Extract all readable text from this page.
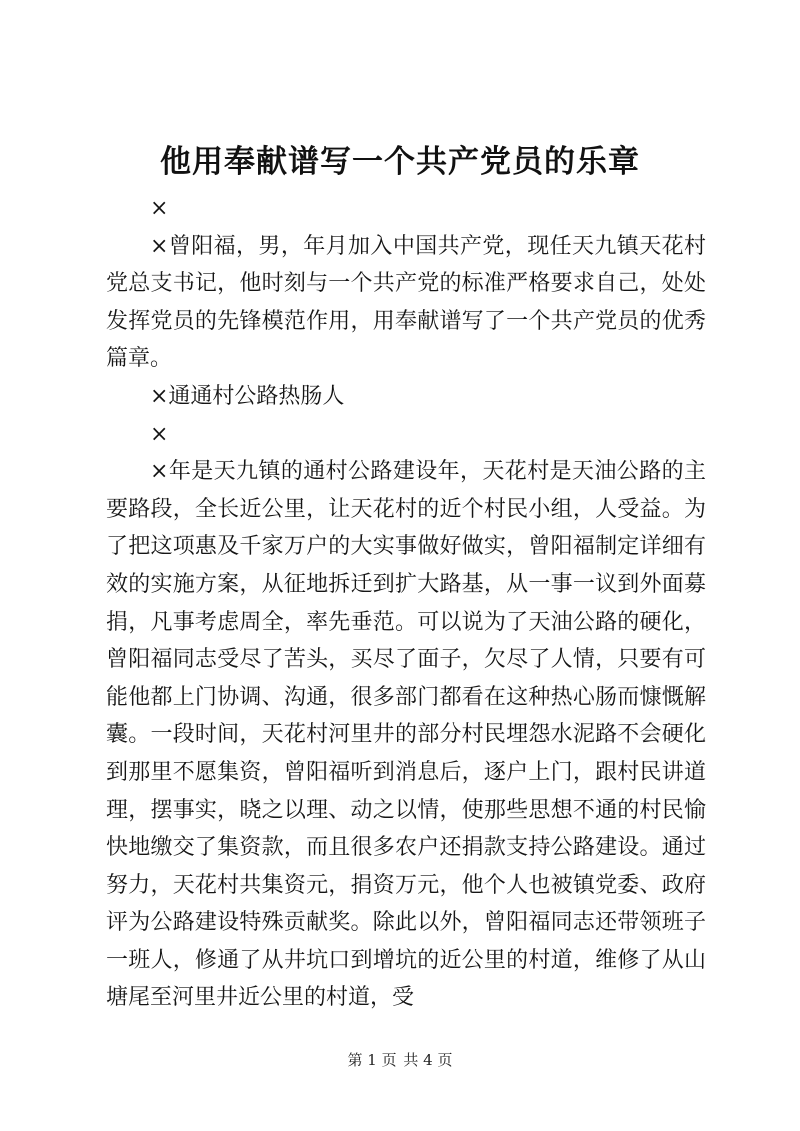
他用奉献谱写一个共产党员的乐章

×

×曾阳福，男，年月加入中国共产党，现任天九镇天花村党总支书记，他时刻与一个共产党的标准严格要求自己，处处发挥党员的先锋模范作用，用奉献谱写了一个共产党员的优秀篇章。

×通通村公路热肠人

×

×年是天九镇的通村公路建设年，天花村是天油公路的主要路段，全长近公里，让天花村的近个村民小组，人受益。为了把这项惠及千家万户的大实事做好做实，曾阳福制定详细有效的实施方案，从征地拆迁到扩大路基，从一事一议到外面募捐，凡事考虑周全，率先垂范。可以说为了天油公路的硬化，曾阳福同志受尽了苦头，买尽了面子，欠尽了人情，只要有可能他都上门协调、沟通，很多部门都看在这种热心肠而慷慨解囊。一段时间，天花村河里井的部分村民埋怨水泥路不会硬化到那里不愿集资，曾阳福听到消息后，逐户上门，跟村民讲道理，摆事实，晓之以理、动之以情，使那些思想不通的村民愉快地缴交了集资款，而且很多农户还捐款支持公路建设。通过努力，天花村共集资元，捐资万元，他个人也被镇党委、政府评为公路建设特殊贡献奖。除此以外，曾阳福同志还带领班子一班人，修通了从井坑口到增坑的近公里的村道，维修了从山塘尾至河里井近公里的村道，受

第 1 页 共 4 页
